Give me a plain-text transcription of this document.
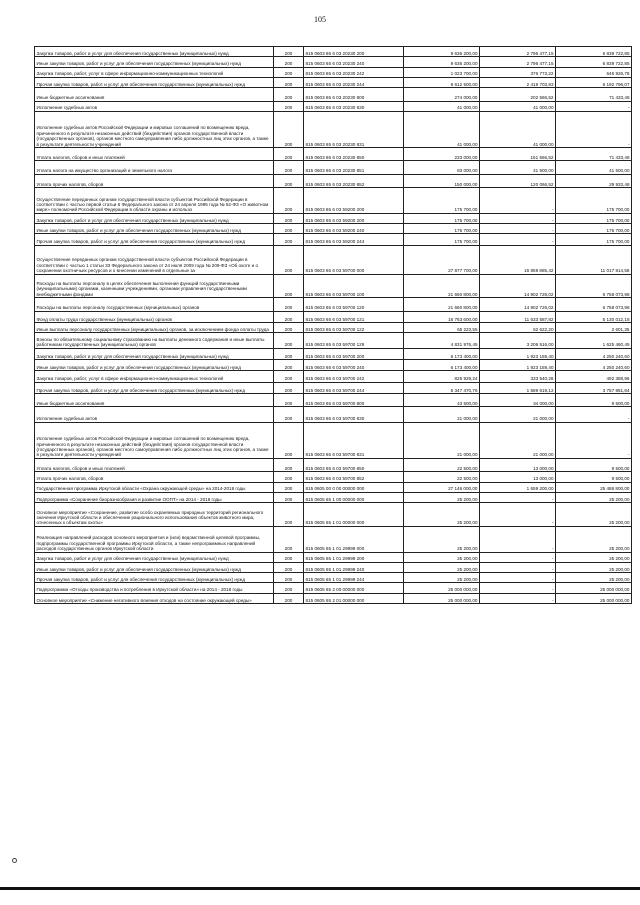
105
Закупка товаров, работ и услуг для обеспечения государственных (муниципальных) нужд	200	815 0603 65 6 03 20230 200	9 636 200,00	2 796 477,15	6 839 722,85
Иные закупки товаров, работ и услуг для обеспечения государственных (муниципальных) нужд	200	815 0603 65 6 03 20230 240	9 636 200,00	2 796 477,15	6 839 722,85
Закупка товаров, работ, услуг в сфере информационно-коммуникационных технологий	200	815 0603 65 6 03 20230 242	1 023 700,00	376 773,22	646 926,78
Прочая закупка товаров, работ и услуг для обеспечения государственных (муниципальных) нужд	200	815 0603 65 6 03 20230 244	8 612 500,00	2 419 703,93	6 192 796,07
Иные бюджетные ассигнования	200	815 0603 65 6 03 20230 800	274 000,00	202 566,52	71 433,48
Исполнение судебных актов	200	815 0603 65 6 03 20230 830	41 000,00	41 000,00	-
Исполнение судебных актов Российской Федерации и мировых соглашений по возмещению вреда, причиненного в результате незаконных действий (бездействия) органов государственной власти (государственных органов), органов местного самоуправления либо должностных лиц этих органов, а также в результате деятельности учреждений	200	815 0603 65 6 03 20230 831	41 000,00	41 000,00	-
Уплата налогов, сборов и иных платежей	200	815 0603 65 6 03 20230 850	233 000,00	161 566,52	71 433,48
Уплата налога на имущество организаций и земельного налога	200	815 0603 65 6 03 20230 851	83 000,00	41 500,00	41 500,00
Уплата прочих налогов, сборов	200	815 0603 65 6 03 20230 852	150 000,00	120 066,52	29 933,48
Осуществление переданных органам государственной власти субъектов Российской Федерации в соответствии с частью первой статьи 6 Федерального закона от 24 апреля 1995 года № 52-ФЗ «О животном мире» полномочий Российской Федерации в области охраны и использо	200	815 0603 65 6 03 59200 200	175 700,00	-	175 700,00
Закупка товаров, работ и услуг для обеспечения государственных (муниципальных) нужд	200	815 0603 65 6 03 59200 200	175 700,00	-	175 700,00
Иные закупки товаров, работ и услуг для обеспечения государственных (муниципальных) нужд	200	815 0603 65 6 03 59200 240	175 700,00	-	175 700,00
Прочая закупка товаров, работ и услуг для обеспечения государственных (муниципальных) нужд	200	815 0603 65 6 03 59200 244	175 700,00	-	175 700,00
Осуществление переданных органам государственной власти субъектов Российской Федерации в соответствии с частью 1 статьи 33 Федерального закона от 24 июля 2009 года № 209-ФЗ «Об охоте и о сохранении охотничьих ресурсов и о внесении изменений в отдельные за	200	815 0603 65 6 03 59700 000	27 877 700,00	16 859 885,42	11 017 814,58
Расходы на выплаты персоналу в целях обеспечения выполнения функций государственными (муниципальными) органами, казенными учреждениями, органами управления государственными внебюджетными фондами	200	815 0603 65 6 03 59700 100	21 660 800,00	14 902 726,02	6 758 073,98
Расходы на выплаты персоналу государственных (муниципальных) органов	200	815 0603 65 6 03 59700 120	21 660 800,00	14 902 726,02	6 758 073,98
Фонд оплаты труда государственных (муниципальных) органов	200	815 0603 65 6 03 59700 121	16 763 600,00	11 633 587,82	5 130 012,18
Иные выплаты персоналу государственных (муниципальных) органов, за исключением фонда оплаты труда	200	815 0603 65 6 03 59700 122	65 223,55	62 622,20	2 601,35
Взносы по обязательному социальному страхованию на выплаты денежного содержания и иные выплаты работникам государственных (муниципальных) органов	200	815 0603 65 6 03 59700 129	4 831 976,45	3 206 516,00	1 625 460,45
Закупка товаров, работ и услуг для обеспечения государственных (муниципальных) нужд	200	815 0603 65 6 03 59700 200	6 173 400,00	1 923 159,40	4 250 240,60
Иные закупки товаров, работ и услуг для обеспечения государственных (муниципальных) нужд	200	815 0603 65 6 03 59700 240	6 173 400,00	1 923 159,40	4 250 240,60
Закупка товаров, работ, услуг в сфере информационно-коммуникационных технологий	200	815 0603 65 6 03 59700 242	825 929,24	333 540,28	492 388,96
Прочая закупка товаров, работ и услуг для обеспечения государственных (муниципальных) нужд	200	815 0603 65 6 03 59700 244	5 347 470,76	1 589 619,12	3 757 851,64
Иные бюджетные ассигнования	200	815 0603 65 6 03 59700 800	43 500,00	34 000,00	9 500,00
Исполнение судебных актов	200	815 0603 65 6 03 59700 830	21 000,00	21 000,00	-
Исполнение судебных актов Российской Федерации и мировых соглашений по возмещению вреда, причиненного в результате незаконных действий (бездействия) органов государственной власти (государственных органов), органов местного самоуправления либо должностных лиц этих органов, а также в результате деятельности учреждений	200	815 0603 65 6 03 59700 831	21 000,00	21 000,00	-
Уплата налогов, сборов и иных платежей	200	815 0603 65 6 03 59700 850	22 500,00	13 000,00	9 500,00
Уплата прочих налогов, сборов	200	815 0603 65 6 03 59700 852	22 500,00	13 000,00	9 500,00
Государственная программа Иркутской области «Охрана окружающей среды» на 2014-2018 годы	200	815 0605 00 0 00 00000 000	27 146 000,00	1 659 200,00	25 486 800,00
Подпрограмма «Сохранение биоразнообразия и развитие ООПТ» на 2014 - 2018 годы	200	815 0605 65 1 00 00000 000	25 200,00	-	25 200,00
Основное мероприятие «Сохранение, развитие особо охраняемых природных территорий регионального значения Иркутской области и обеспечение рационального использования объектов животного мира, отнесенных к объектам охоты»	200	815 0605 65 1 01 00000 000	25 200,00	-	25 200,00
Реализация направлений расходов основного мероприятия и (или) ведомственной целевой программы, подпрограммы государственной программы Иркутской области, а также непрограммных направлений расходов государственных органов Иркутской области	200	815 0605 65 1 01 29999 000	25 200,00	-	25 200,00
Закупка товаров, работ и услуг для обеспечения государственных (муниципальных) нужд	200	815 0605 65 1 01 29999 200	25 200,00	-	25 200,00
Иные закупки товаров, работ и услуг для обеспечения государственных (муниципальных) нужд	200	815 0605 65 1 01 29999 240	25 200,00	-	25 200,00
Прочая закупка товаров, работ и услуг для обеспечения государственных (муниципальных) нужд	200	815 0605 65 1 01 29999 244	25 200,00	-	25 200,00
Подпрограмма «Отходы производства и потребления в Иркутской области» на 2014 - 2018 годы	200	815 0605 65 2 00 00000 000	25 000 000,00	-	25 000 000,00
Основное мероприятие «Снижение негативного влияния отходов на состояние окружающей среды»	200	815 0605 65 2 01 00000 000	25 000 000,00	-	25 000 000,00
